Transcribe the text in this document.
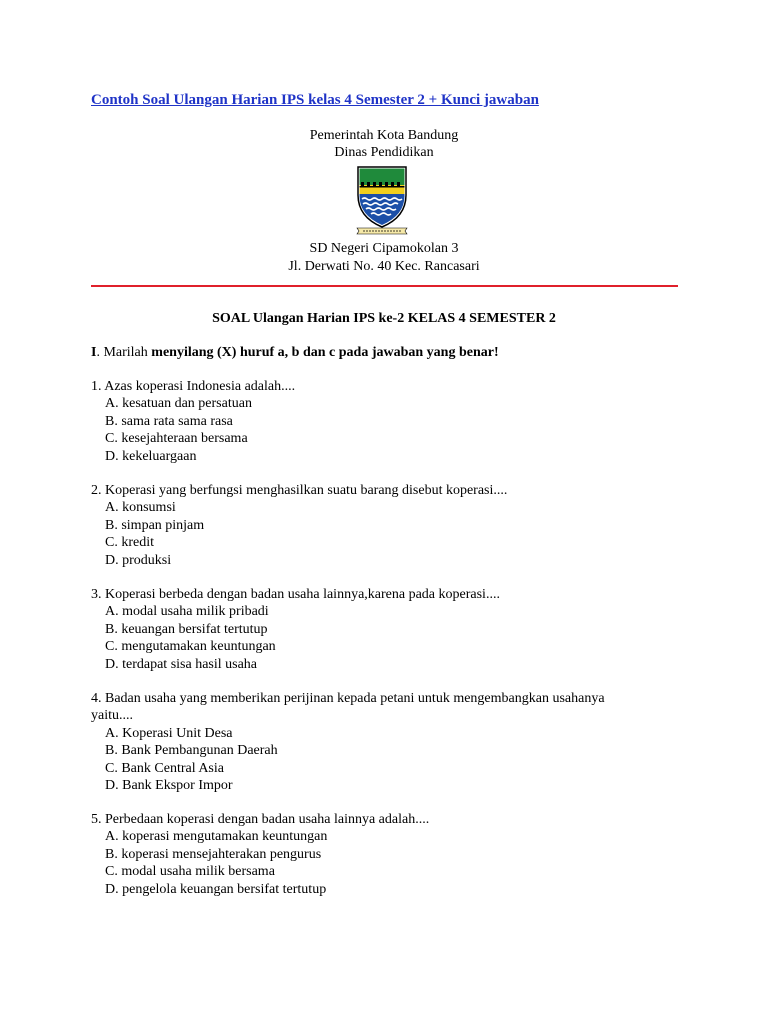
Contoh Soal Ulangan Harian IPS kelas 4 Semester 2 + Kunci jawaban
Pemerintah Kota Bandung
Dinas Pendidikan
SD Negeri Cipamokolan 3
Jl. Derwati No. 40 Kec. Rancasari
SOAL Ulangan Harian IPS ke-2 KELAS 4 SEMESTER 2
I. Marilah menyilang (X) huruf a, b dan c pada jawaban yang benar!
1. Azas koperasi Indonesia adalah....
A. kesatuan dan persatuan
B. sama rata sama rasa
C. kesejahteraan bersama
D. kekeluargaan
2. Koperasi yang berfungsi menghasilkan suatu barang disebut koperasi....
A. konsumsi
B. simpan pinjam
C. kredit
D. produksi
3. Koperasi berbeda dengan badan usaha lainnya,karena pada koperasi....
A. modal usaha milik pribadi
B. keuangan bersifat tertutup
C. mengutamakan keuntungan
D. terdapat sisa hasil usaha
4. Badan usaha yang memberikan perijinan kepada petani untuk mengembangkan usahanya
yaitu....
A. Koperasi Unit Desa
B. Bank Pembangunan Daerah
C. Bank Central Asia
D. Bank Ekspor Impor
5. Perbedaan koperasi dengan badan usaha lainnya adalah....
A. koperasi mengutamakan keuntungan
B. koperasi mensejahterakan pengurus
C. modal usaha milik bersama
D. pengelola keuangan bersifat tertutup
